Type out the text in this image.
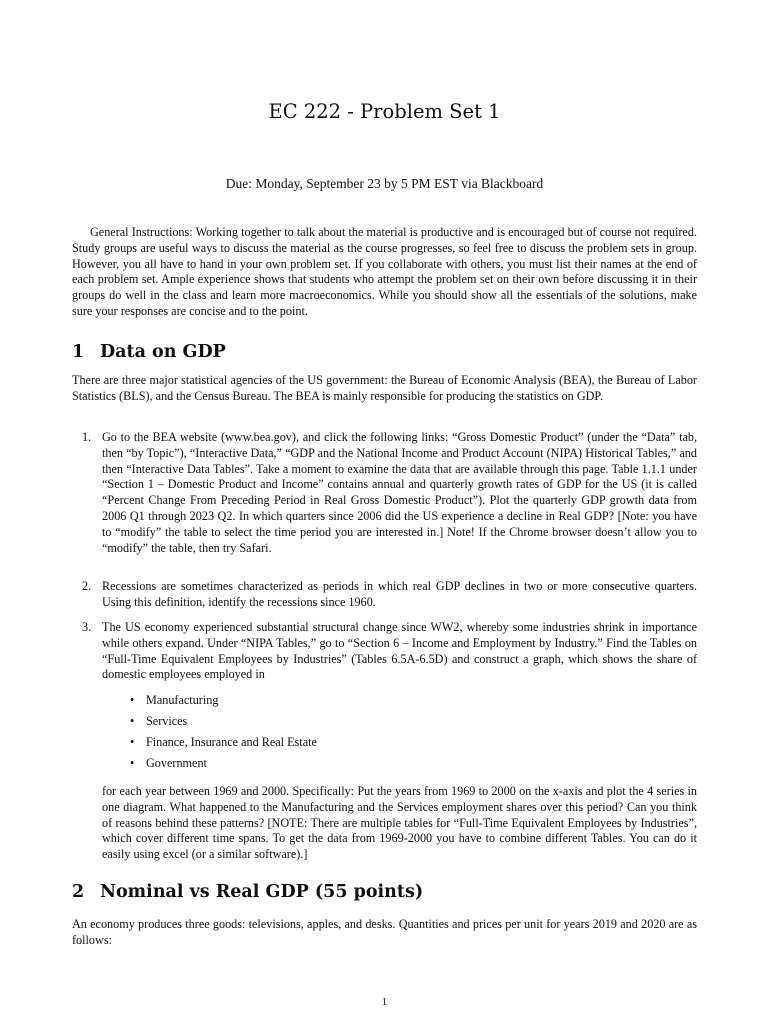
EC 222 - Problem Set 1
Due: Monday, September 23 by 5 PM EST via Blackboard
General Instructions: Working together to talk about the material is productive and is encouraged but of course not required. Study groups are useful ways to discuss the material as the course progresses, so feel free to discuss the problem sets in group. However, you all have to hand in your own problem set. If you collaborate with others, you must list their names at the end of each problem set. Ample experience shows that students who attempt the problem set on their own before discussing it in their groups do well in the class and learn more macroeconomics. While you should show all the essentials of the solutions, make sure your responses are concise and to the point.
1 Data on GDP
There are three major statistical agencies of the US government: the Bureau of Economic Analysis (BEA), the Bureau of Labor Statistics (BLS), and the Census Bureau. The BEA is mainly responsible for producing the statistics on GDP.
1. Go to the BEA website (www.bea.gov), and click the following links: “Gross Domestic Product” (under the “Data” tab, then “by Topic”), “Interactive Data,” “GDP and the National Income and Product Account (NIPA) Historical Tables,” and then “Interactive Data Tables”. Take a moment to examine the data that are available through this page. Table 1.1.1 under “Section 1 – Domestic Product and Income” contains annual and quarterly growth rates of GDP for the US (it is called “Percent Change From Preceding Period in Real Gross Domestic Product”). Plot the quarterly GDP growth data from 2006 Q1 through 2023 Q2. In which quarters since 2006 did the US experience a decline in Real GDP? [Note: you have to “modify” the table to select the time period you are interested in.] Note! If the Chrome browser doesn’t allow you to “modify” the table, then try Safari.
2. Recessions are sometimes characterized as periods in which real GDP declines in two or more consecutive quarters. Using this definition, identify the recessions since 1960.
3. The US economy experienced substantial structural change since WW2, whereby some industries shrink in importance while others expand. Under “NIPA Tables,” go to “Section 6 – Income and Employment by Industry.” Find the Tables on “Full-Time Equivalent Employees by Industries” (Tables 6.5A-6.5D) and construct a graph, which shows the share of domestic employees employed in
• Manufacturing
• Services
• Finance, Insurance and Real Estate
• Government
for each year between 1969 and 2000. Specifically: Put the years from 1969 to 2000 on the x-axis and plot the 4 series in one diagram. What happened to the Manufacturing and the Services employment shares over this period? Can you think of reasons behind these patterns? [NOTE: There are multiple tables for “Full-Time Equivalent Employees by Industries”, which cover different time spans. To get the data from 1969-2000 you have to combine different Tables. You can do it easily using excel (or a similar software).]
2 Nominal vs Real GDP (55 points)
An economy produces three goods: televisions, apples, and desks. Quantities and prices per unit for years 2019 and 2020 are as follows:
1
